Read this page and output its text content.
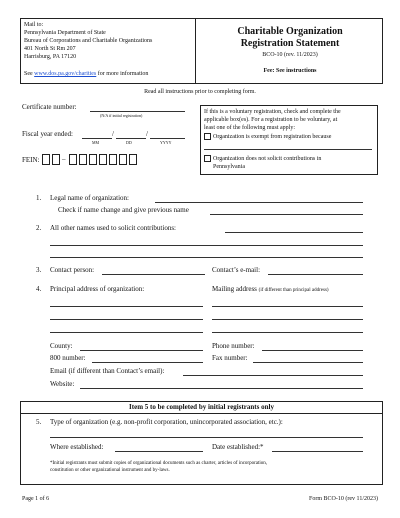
Mail to:
Pennsylvania Department of State
Bureau of Corporations and Charitable Organizations
401 North St Rm 207
Harrisburg, PA 17120
See www.dos.pa.gov/charities for more information
Charitable Organization
Registration Statement
BCO-10 (rev. 11/2023)
Fee: See instructions
Read all instructions prior to completing form.
Certificate number:
(N/A if initial registration)
Fiscal year ended:	/	/
MM	DD	YYYY
FEIN:	–
If this is a voluntary registration, check and complete the
applicable box(es). For a registration to be voluntary, at
least one of the following must apply:
Organization is exempt from registration because
Organization does not solicit contributions in
Pennsylvania
1. Legal name of organization:
Check if name change and give previous name
2. All other names used to solicit contributions:
3. Contact person:	Contact’s e-mail:
4. Principal address of organization:	Mailing address (if different than principal address)
County:	Phone number:
800 number:	Fax number:
Email (if different than Contact’s email):
Website:
Item 5 to be completed by initial registrants only
5. Type of organization (e.g. non-profit corporation, unincorporated association, etc.):
Where established:	Date established:*
*Initial registrants must submit copies of organizational documents such as charter, articles of incorporation,
constitution or other organizational instrument and by-laws.
Page 1 of 6	Form BCO-10 (rev 11/2023)
